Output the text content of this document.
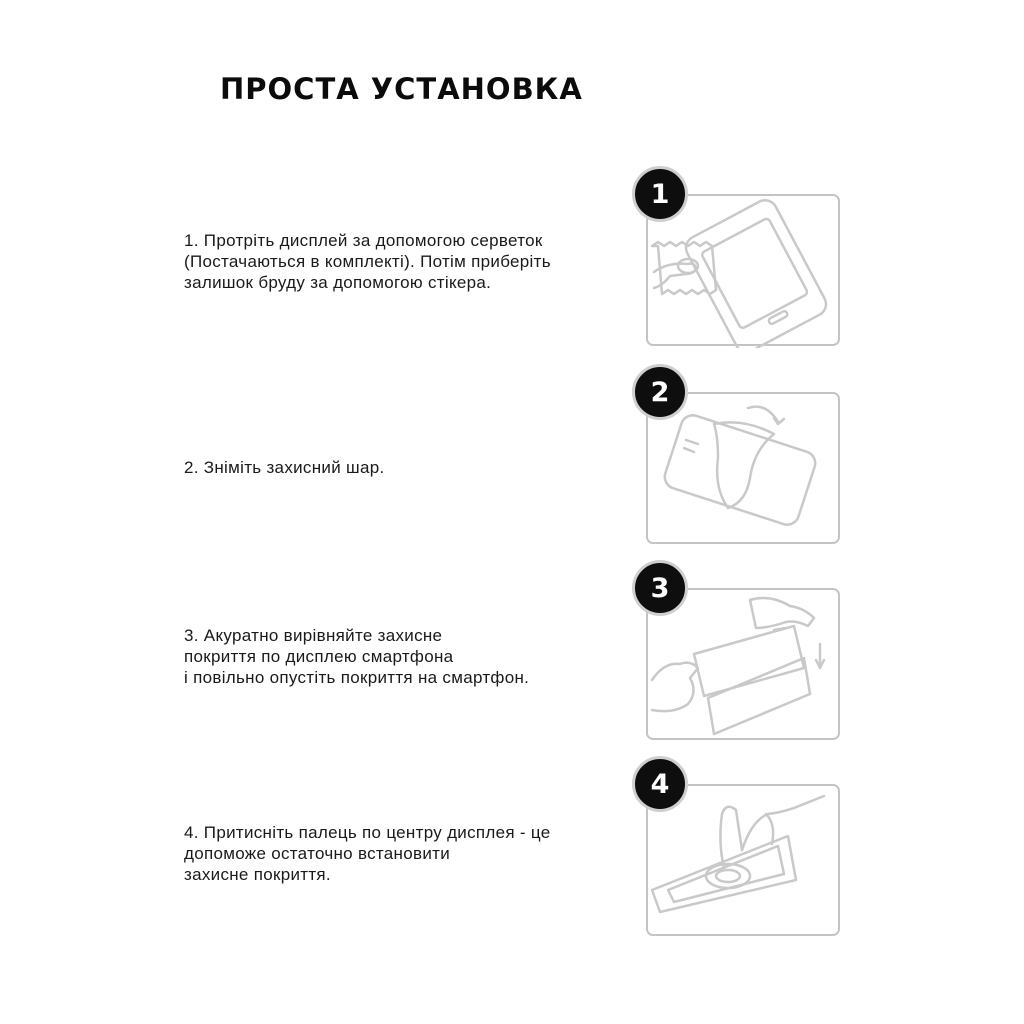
ПРОСТА УСТАНОВКА

1. Протріть дисплей за допомогою серветок
(Постачаються в комплекті). Потім приберіть
залишок бруду за допомогою стікера.

1

2. Зніміть захисний шар.

2

3. Акуратно вирівняйте захисне
покриття по дисплею смартфона
і повільно опустіть покриття на смартфон.

3

4. Притисніть палець по центру дисплея - це
допоможе остаточно встановити
захисне покриття.

4
